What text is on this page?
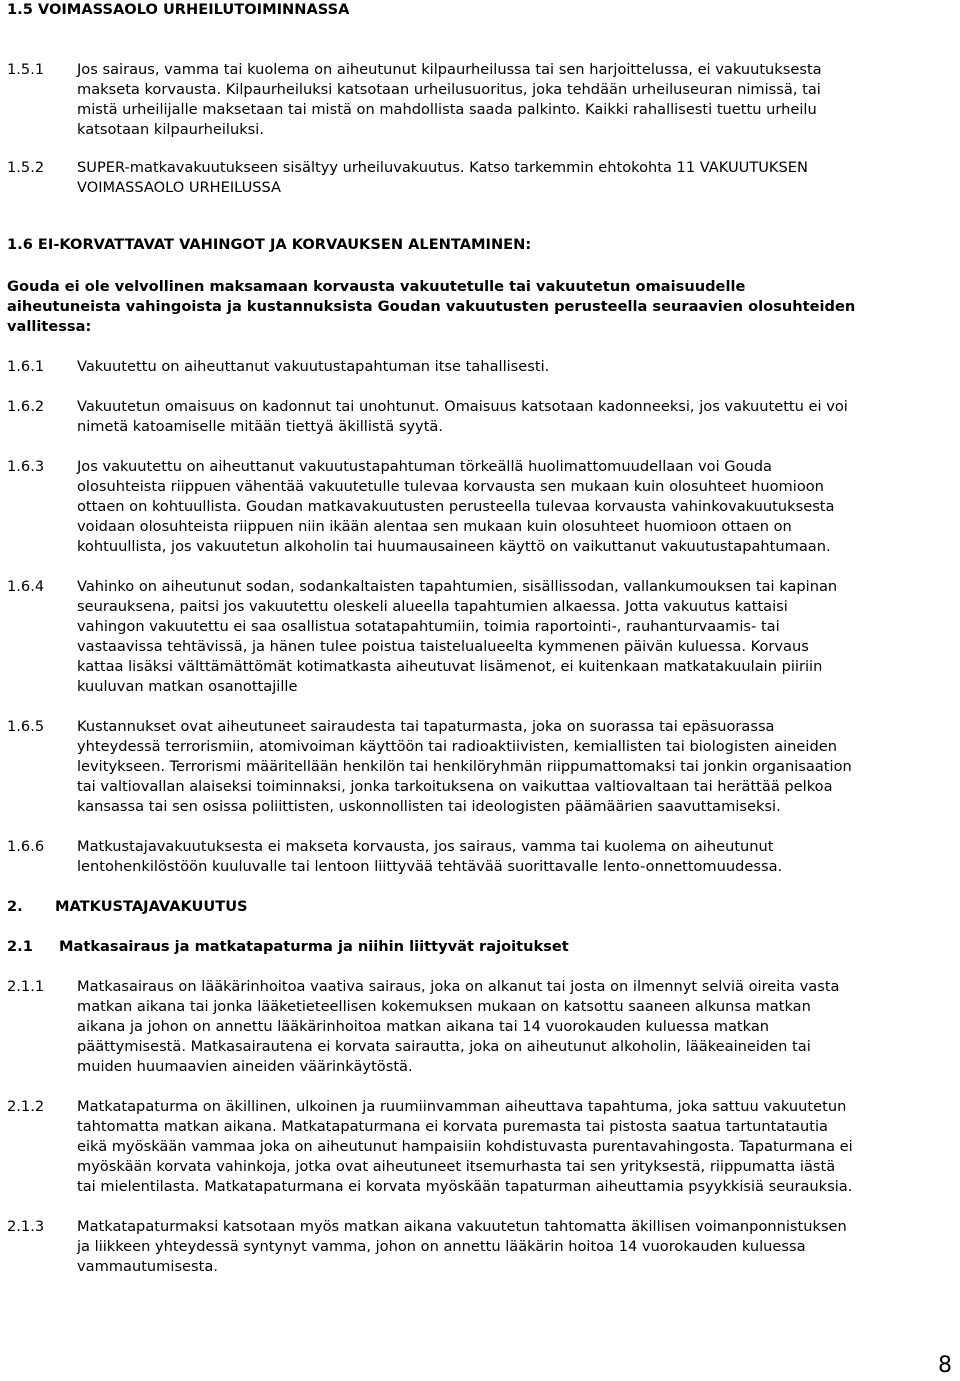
1.5 VOIMASSAOLO URHEILUTOIMINNASSA
1.5.1	Jos sairaus, vamma tai kuolema on aiheutunut kilpaurheilussa tai sen harjoittelussa, ei vakuutuksesta
makseta korvausta. Kilpaurheiluksi katsotaan urheilusuoritus, joka tehdään urheiluseuran nimissä, tai
mistä urheilijalle maksetaan tai mistä on mahdollista saada palkinto. Kaikki rahallisesti tuettu urheilu
katsotaan kilpaurheiluksi.
1.5.2	SUPER-matkavakuutukseen sisältyy urheiluvakuutus. Katso tarkemmin ehtokohta 11 VAKUUTUKSEN
VOIMASSAOLO URHEILUSSA
1.6 EI-KORVATTAVAT VAHINGOT JA KORVAUKSEN ALENTAMINEN:
Gouda ei ole velvollinen maksamaan korvausta vakuutetulle tai vakuutetun omaisuudelle
aiheutuneista vahingoista ja kustannuksista Goudan vakuutusten perusteella seuraavien olosuhteiden
vallitessa:
1.6.1	Vakuutettu on aiheuttanut vakuutustapahtuman itse tahallisesti.
1.6.2	Vakuutetun omaisuus on kadonnut tai unohtunut. Omaisuus katsotaan kadonneeksi, jos vakuutettu ei voi
nimetä katoamiselle mitään tiettyä äkillistä syytä.
1.6.3	Jos vakuutettu on aiheuttanut vakuutustapahtuman törkeällä huolimattomuudellaan voi Gouda
olosuhteista riippuen vähentää vakuutetulle tulevaa korvausta sen mukaan kuin olosuhteet huomioon
ottaen on kohtuullista. Goudan matkavakuutusten perusteella tulevaa korvausta vahinkovakuutuksesta
voidaan olosuhteista riippuen niin ikään alentaa sen mukaan kuin olosuhteet huomioon ottaen on
kohtuullista, jos vakuutetun alkoholin tai huumausaineen käyttö on vaikuttanut vakuutustapahtumaan.
1.6.4	Vahinko on aiheutunut sodan, sodankaltaisten tapahtumien, sisällissodan, vallankumouksen tai kapinan
seurauksena, paitsi jos vakuutettu oleskeli alueella tapahtumien alkaessa. Jotta vakuutus kattaisi
vahingon vakuutettu ei saa osallistua sotatapahtumiin, toimia raportointi-, rauhanturvaamis- tai
vastaavissa tehtävissä, ja hänen tulee poistua taistelualueelta kymmenen päivän kuluessa. Korvaus
kattaa lisäksi välttämättömät kotimatkasta aiheutuvat lisämenot, ei kuitenkaan matkatakuulain piiriin
kuuluvan matkan osanottajille
1.6.5	Kustannukset ovat aiheutuneet sairaudesta tai tapaturmasta, joka on suorassa tai epäsuorassa
yhteydessä terrorismiin, atomivoiman käyttöön tai radioaktiivisten, kemiallisten tai biologisten aineiden
levitykseen. Terrorismi määritellään henkilön tai henkilöryhmän riippumattomaksi tai jonkin organisaation
tai valtiovallan alaiseksi toiminnaksi, jonka tarkoituksena on vaikuttaa valtiovaltaan tai herättää pelkoa
kansassa tai sen osissa poliittisten, uskonnollisten tai ideologisten päämäärien saavuttamiseksi.
1.6.6	Matkustajavakuutuksesta ei makseta korvausta, jos sairaus, vamma tai kuolema on aiheutunut
lentohenkilöstöön kuuluvalle tai lentoon liittyvää tehtävää suorittavalle lento-onnettomuudessa.
2.	MATKUSTAJAVAKUUTUS
2.1	Matkasairaus ja matkatapaturma ja niihin liittyvät rajoitukset
2.1.1	Matkasairaus on lääkärinhoitoa vaativa sairaus, joka on alkanut tai josta on ilmennyt selviä oireita vasta
matkan aikana tai jonka lääketieteellisen kokemuksen mukaan on katsottu saaneen alkunsa matkan
aikana ja johon on annettu lääkärinhoitoa matkan aikana tai 14 vuorokauden kuluessa matkan
päättymisestä. Matkasairautena ei korvata sairautta, joka on aiheutunut alkoholin, lääkeaineiden tai
muiden huumaavien aineiden väärinkäytöstä.
2.1.2	Matkatapaturma on äkillinen, ulkoinen ja ruumiinvamman aiheuttava tapahtuma, joka sattuu vakuutetun
tahtomatta matkan aikana. Matkatapaturmana ei korvata puremasta tai pistosta saatua tartuntatautia
eikä myöskään vammaa joka on aiheutunut hampaisiin kohdistuvasta purentavahingosta. Tapaturmana ei
myöskään korvata vahinkoja, jotka ovat aiheutuneet itsemurhasta tai sen yrityksestä, riippumatta iästä
tai mielentilasta. Matkatapaturmana ei korvata myöskään tapaturman aiheuttamia psyykkisiä seurauksia.
2.1.3	Matkatapaturmaksi katsotaan myös matkan aikana vakuutetun tahtomatta äkillisen voimanponnistuksen
ja liikkeen yhteydessä syntynyt vamma, johon on annettu lääkärin hoitoa 14 vuorokauden kuluessa
vammautumisesta.
8
